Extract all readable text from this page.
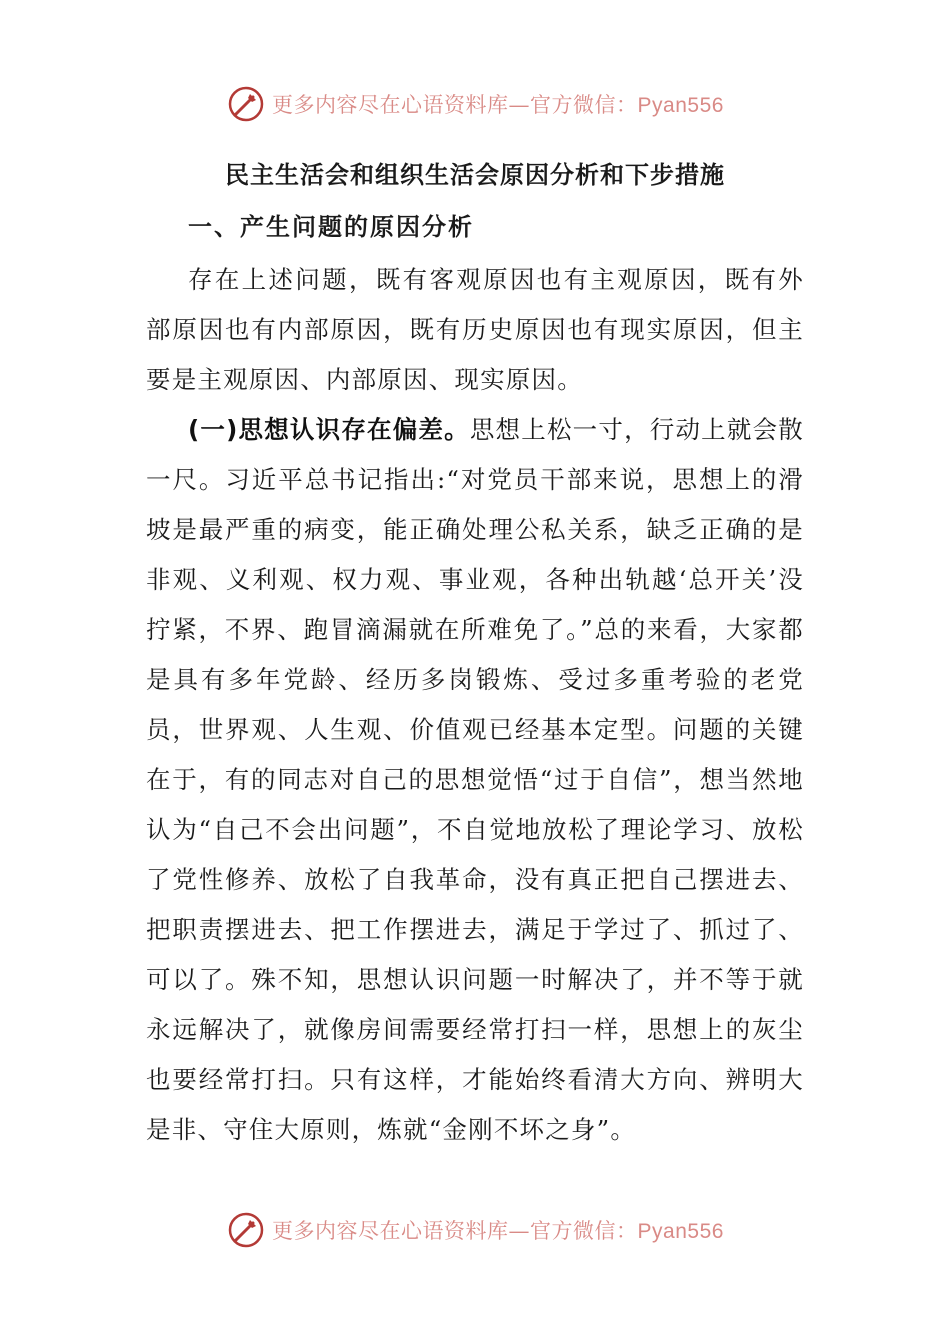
更多内容尽在心语资料库—官方微信：Pyan556
民主生活会和组织生活会原因分析和下步措施
一、产生问题的原因分析

存在上述问题，既有客观原因也有主观原因，既有外部原因也有内部原因，既有历史原因也有现实原因，但主要是主观原因、内部原因、现实原因。

(一)思想认识存在偏差。思想上松一寸，行动上就会散一尺。习近平总书记指出:“对党员干部来说，思想上的滑坡是最严重的病变，能正确处理公私关系，缺乏正确的是非观、义利观、权力观、事业观，各种出轨越‘总开关’没拧紧，不界、跑冒滴漏就在所难免了。”总的来看，大家都是具有多年党龄、经历多岗锻炼、受过多重考验的老党员，世界观、人生观、价值观已经基本定型。问题的关键在于，有的同志对自己的思想觉悟“过于自信”，想当然地认为“自己不会出问题”，不自觉地放松了理论学习、放松了党性修养、放松了自我革命，没有真正把自己摆进去、把职责摆进去、把工作摆进去，满足于学过了、抓过了、可以了。殊不知，思想认识问题一时解决了，并不等于就永远解决了，就像房间需要经常打扫一样，思想上的灰尘也要经常打扫。只有这样，才能始终看清大方向、辨明大是非、守住大原则，炼就“金刚不坏之身”。

更多内容尽在心语资料库—官方微信：Pyan556
